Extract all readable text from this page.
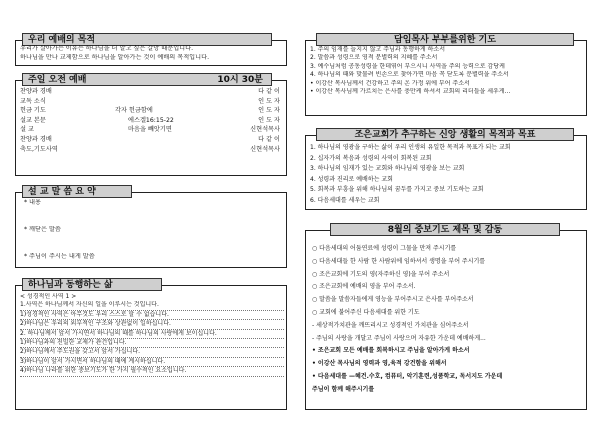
우리 예배의 목적
우리가 살아가는 이유는 하나님을 더 알고 싶은 갈망 때문입니다.
하나님을 만나 교제함으로 하나님을 알아가는 것이 예배의 목적입니다.
주일 오전 예배	10시 30분
찬양과 경배	다 같 이
교독 소식	인 도 자
헌금 기도	각자 헌금함에	인 도 자
설교 본문	에스겔16:15-22	인 도 자
설 교	마음을 빼앗기면	신현석목사
찬양과 경배	다 같 이
축도,기도사역	신현석목사
설 교 말 씀 요 약
* 내용
* 깨닫은 말씀
* 주님이 주시는 내게 말씀
하나님과 동행하는 삶
< 성경적인 사역 1 >
1.사역은 하나님께서 자신의 일을 이루시는 것입니다.
1)성경적인 사역은 아무것도 우리 스스로 할 수 없습니다.
2)하나님은 우리의 외부적인 구조와 상관없이 일하십니다.
2. 하나님께서 앞서 가시면서 하나님의 때를 하나님의 사랑에게 보이십니다.
1)하나님과의 친밀한 교제가 관건입니다.
2)하나님께서 주도권을 갖고서 앞서 가십니다.
3)하나님이 앞서 가시면서 하나님의 때에 계시하십니다.
4)하나님 나라를 위한 중보기도가 한 가지 필수적인 요소입니다.
담임목사 부부를위한 기도
1. 주의 임재를 늘지지 않고 주님과 동행하게 하소서
2. 말씀과 성령으로 영적 분별력의 지혜를 주소서
3. 예수님처럼 공동성령을 한데엮어 부으시니 사역을 주의 능력으로 감당케
4. 하나님의 때와 맞물려 빈손으로 찾아가면 마음 꼭 닫도록 분별력을 주소서
• 이강산 목사님께서 건강하고 주의 온 가정 위에 부어 주소서
• 이강산 목사님께 가르치는 은사를 충만케 하셔서 교회의 리더들을 세우게...
조은교회가 추구하는 신앙 생활의 목적과 목표
1. 하나님의 영광을 구하는 삶이 우리 인생의 유일한 목적과 목표가 되는 교회
2. 십자가의 복음과 성령의 사역이 회복된 교회
3. 하나님의 임재가 있는 교회와 하나님의 영광을 보는 교회
4. 성령과 진리로 예배하는 교회
5. 회복과 부흥을 위해 하나님의 꿈두를 가지고 중보 기도하는 교회
6. 다음세대를 세우는 교회
8월의 중보기도 제목 및 감동
○ 다음세대의 어둠연료에 성령이 그물을 만져 주시기를
○ 다음세대들 한 사람 한 사람위에 임하셔서 생명을 부어 주시기를
○ 조은교회에 기도의 영(자주하신 영)을 부어 주소서
○ 조은교회에 예배의 영을 부어 주소서.
○ 말씀을 말씀자들에게 영능을 부어주시고 은사를 부어주소서
○ 교회에 불어주신 다음세대를 위한 기도
- 세상적가치관을 깨뜨리시고 성경적인 가치관을 심어주소서
- 주님의 사랑을 개달고 주님이 사랑으며 자유한 가운데 예배하게...
• 조은교회 모든 예배를 회복하시고 주님을 알아가게 하소서
• 이강산 목사님의 영력과 영,육적 강건함을 위해서
• 다음세대를 —혜건.수호, 컴퓨터, 악기훈련,성품학교, 독서지도 가운데
주님이 함께 해주시기를
